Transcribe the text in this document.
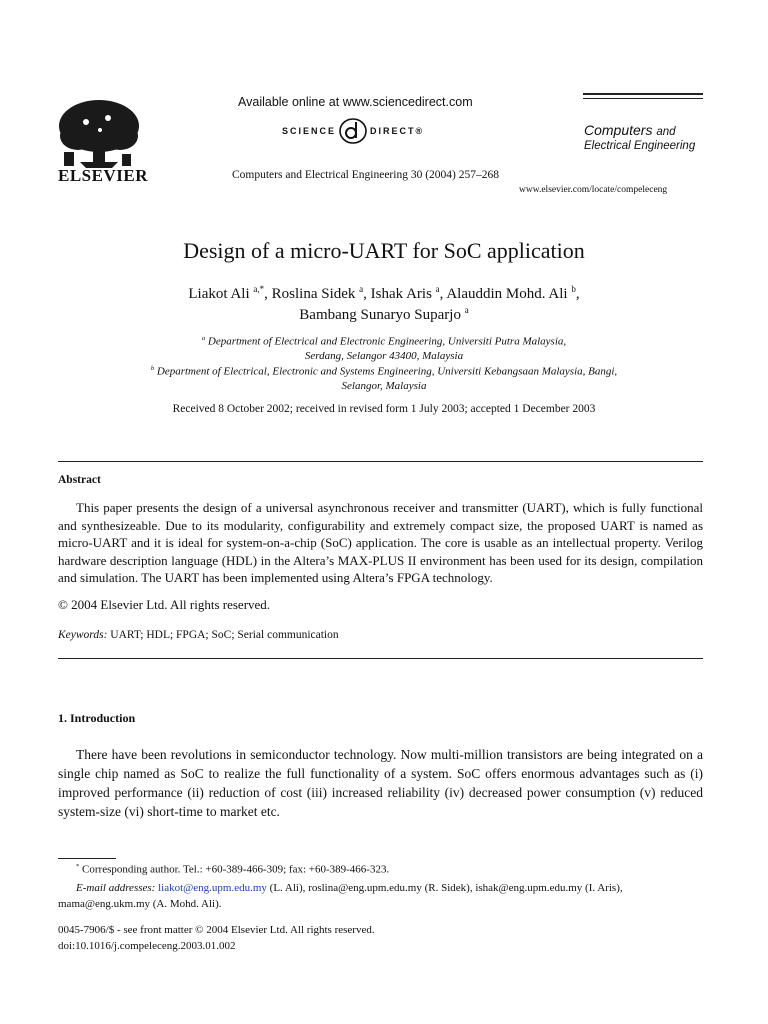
ELSEVIER
Available online at www.sciencedirect.com
SCIENCE	DIRECT®
Computers and Electrical Engineering 30 (2004) 257–268
www.elsevier.com/locate/compeleceng
Computers and
Electrical Engineering
Design of a micro-UART for SoC application
Liakot Ali $^{a,*}$, Roslina Sidek $^a$, Ishak Aris $^a$, Alauddin Mohd. Ali $^b$,
Bambang Sunaryo Suparjo $^a$
$^a$ Department of Electrical and Electronic Engineering, Universiti Putra Malaysia,
Serdang, Selangor 43400, Malaysia
$^b$ Department of Electrical, Electronic and Systems Engineering, Universiti Kebangsaan Malaysia, Bangi,
Selangor, Malaysia
Received 8 October 2002; received in revised form 1 July 2003; accepted 1 December 2003
Abstract
This paper presents the design of a universal asynchronous receiver and transmitter (UART), which is fully functional and synthesizeable. Due to its modularity, configurability and extremely compact size, the proposed UART is named as micro-UART and it is ideal for system-on-a-chip (SoC) application. The core is usable as an intellectual property. Verilog hardware description language (HDL) in the Altera’s MAX-PLUS II environment has been used for its design, compilation and simulation. The UART has been implemented using Altera’s FPGA technology.
© 2004 Elsevier Ltd. All rights reserved.
Keywords: UART; HDL; FPGA; SoC; Serial communication
1. Introduction
There have been revolutions in semiconductor technology. Now multi-million transistors are being integrated on a single chip named as SoC to realize the full functionality of a system. SoC offers enormous advantages such as (i) improved performance (ii) reduction of cost (iii) increased reliability (iv) decreased power consumption (v) reduced system-size (vi) short-time to market etc.
* Corresponding author. Tel.: +60-389-466-309; fax: +60-389-466-323.
E-mail addresses: liakot@eng.upm.edu.my (L. Ali), roslina@eng.upm.edu.my (R. Sidek), ishak@eng.upm.edu.my (I. Aris), mama@eng.ukm.my (A. Mohd. Ali).
0045-7906/$ - see front matter © 2004 Elsevier Ltd. All rights reserved.
doi:10.1016/j.compeleceng.2003.01.002
